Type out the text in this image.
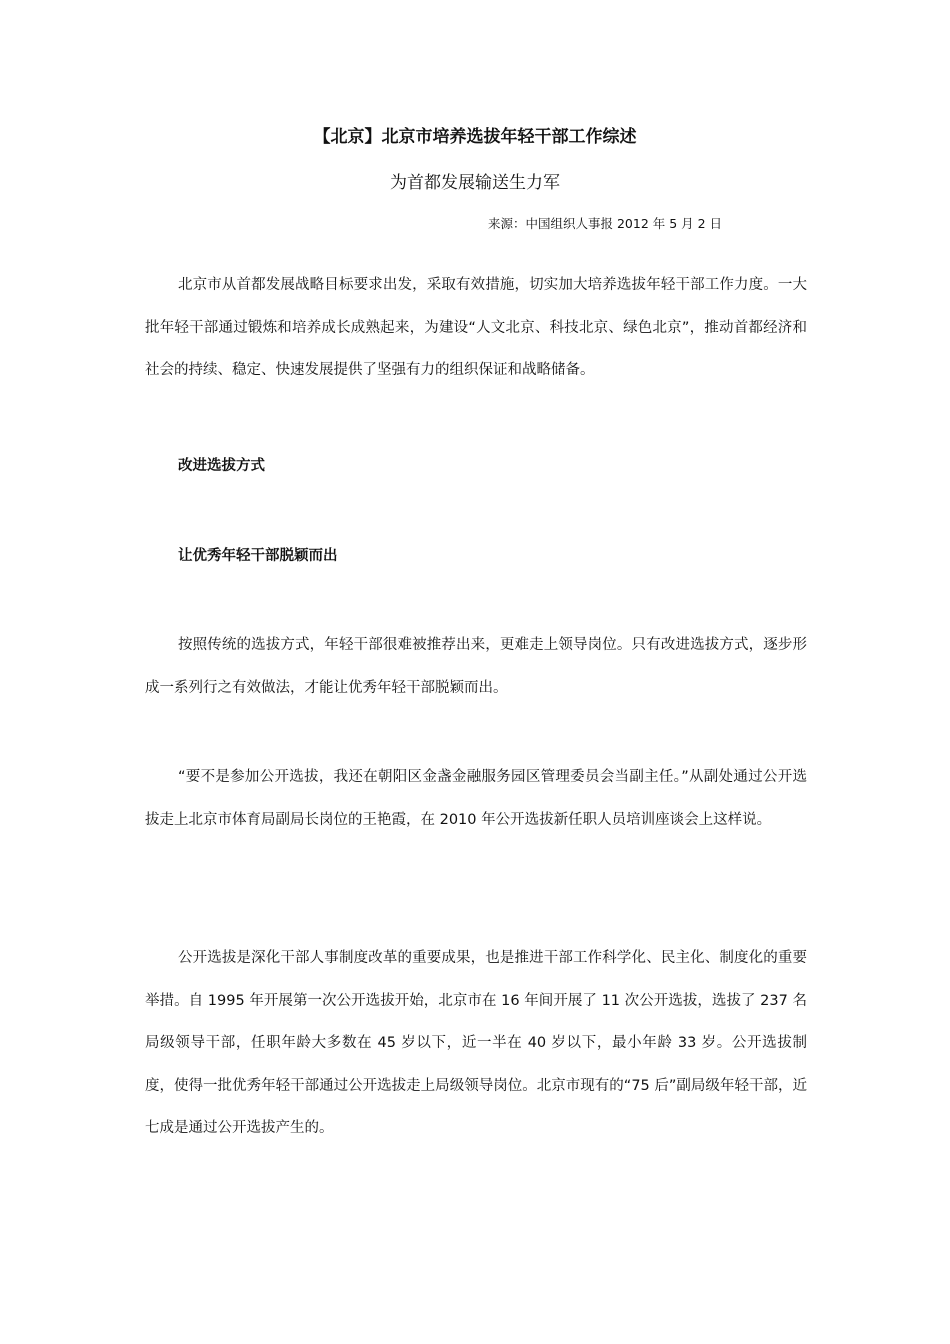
【北京】北京市培养选拔年轻干部工作综述

为首都发展输送生力军

来源：中国组织人事报 2012 年 5 月 2 日

北京市从首都发展战略目标要求出发，采取有效措施，切实加大培养选拔年轻干部工作力度。一大批年轻干部通过锻炼和培养成长成熟起来，为建设“人文北京、科技北京、绿色北京”，推动首都经济和社会的持续、稳定、快速发展提供了坚强有力的组织保证和战略储备。

改进选拔方式

让优秀年轻干部脱颖而出

按照传统的选拔方式，年轻干部很难被推荐出来，更难走上领导岗位。只有改进选拔方式，逐步形成一系列行之有效做法，才能让优秀年轻干部脱颖而出。

“要不是参加公开选拔，我还在朝阳区金盏金融服务园区管理委员会当副主任。”从副处通过公开选拔走上北京市体育局副局长岗位的王艳霞，在 2010 年公开选拔新任职人员培训座谈会上这样说。

公开选拔是深化干部人事制度改革的重要成果，也是推进干部工作科学化、民主化、制度化的重要举措。自 1995 年开展第一次公开选拔开始，北京市在 16 年间开展了 11 次公开选拔，选拔了 237 名局级领导干部，任职年龄大多数在 45 岁以下，近一半在 40 岁以下，最小年龄 33 岁。公开选拔制度，使得一批优秀年轻干部通过公开选拔走上局级领导岗位。北京市现有的“75 后”副局级年轻干部，近七成是通过公开选拔产生的。
